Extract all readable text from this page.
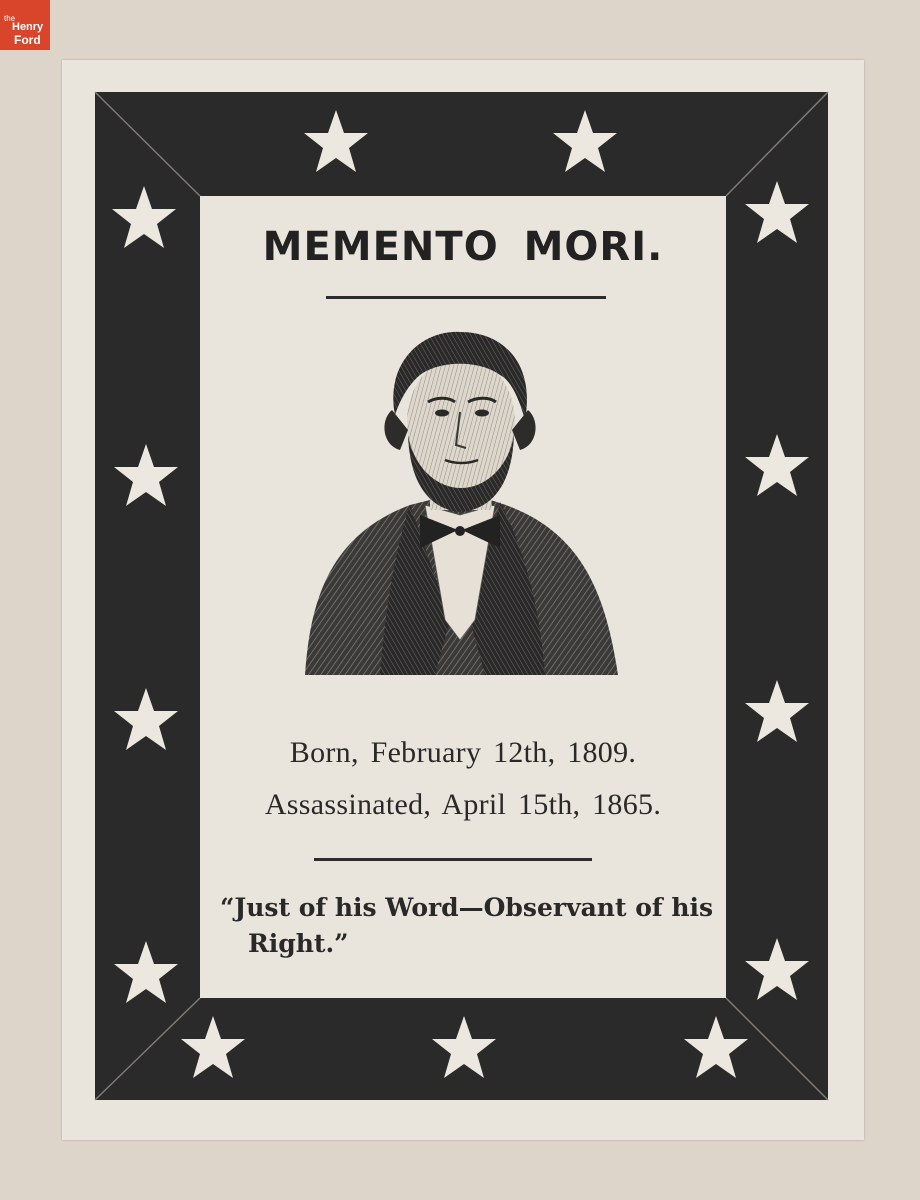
the
Henry
Ford
MEMENTO MORI.
Born, February 12th, 1809.
Assassinated, April 15th, 1865.
“Just of his Word—Observant of his
Right.”
